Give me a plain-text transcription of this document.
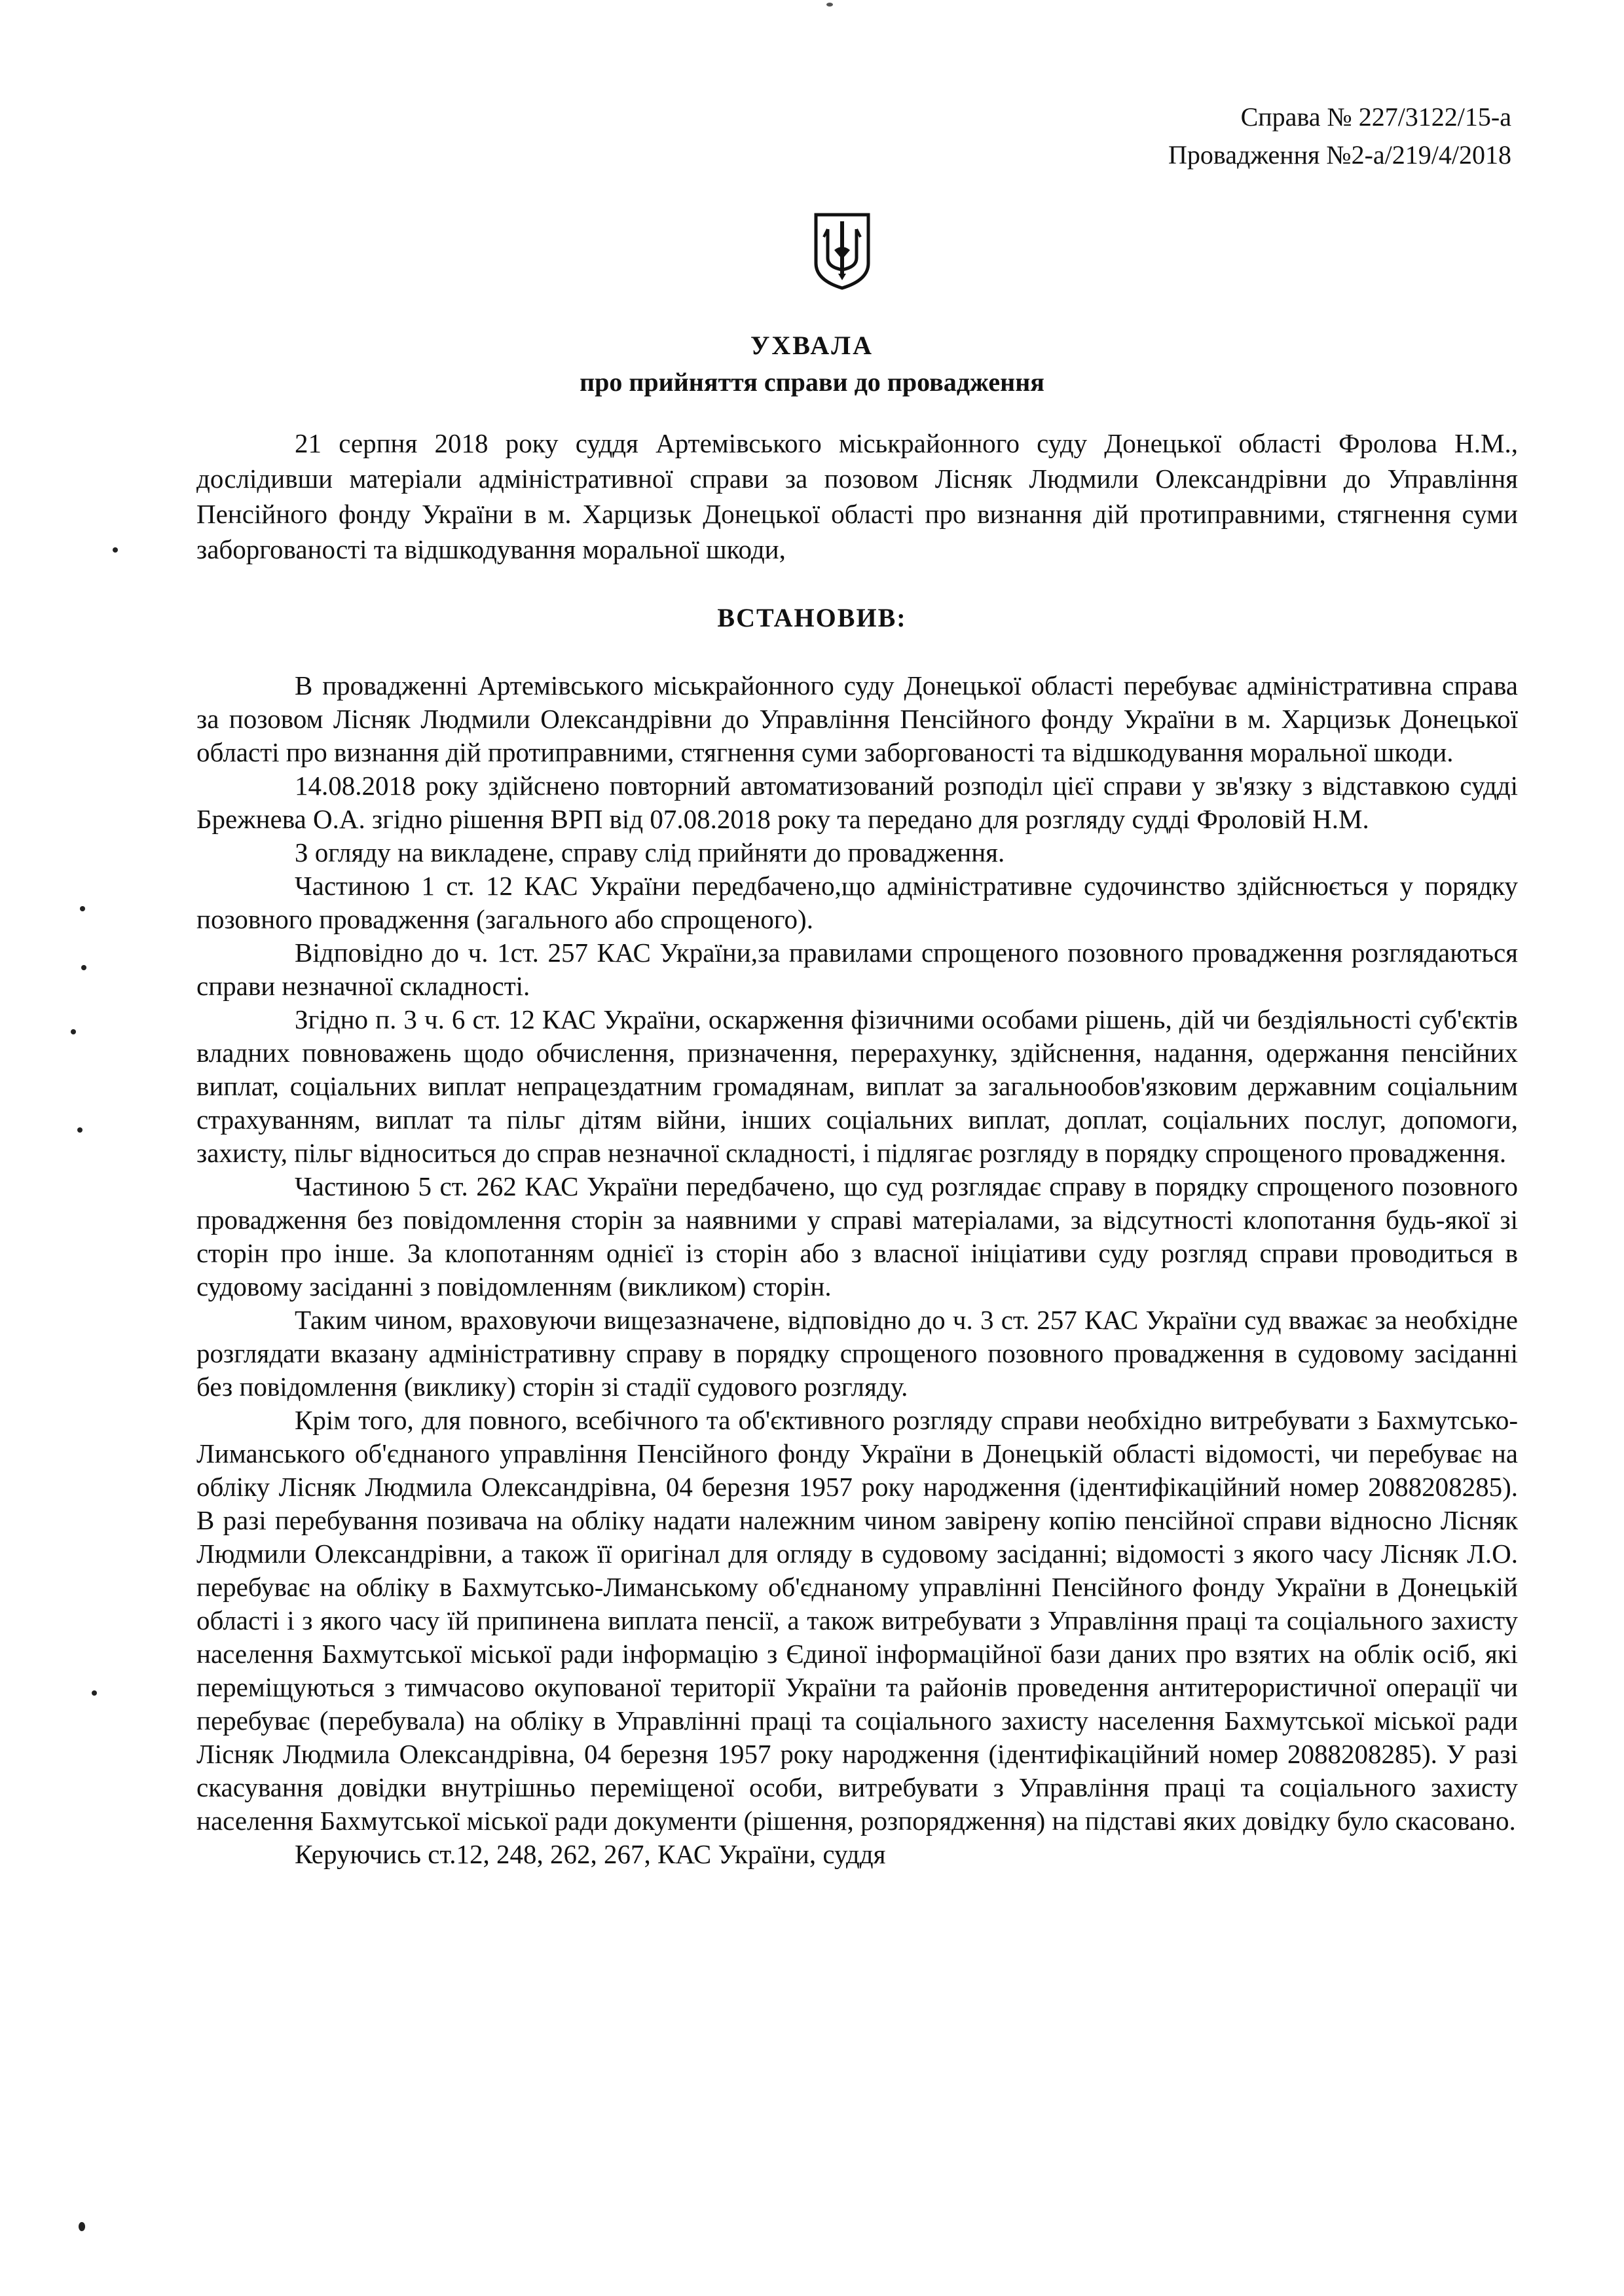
Справа № 227/3122/15-а
Провадження №2-а/219/4/2018
УХВАЛА
про прийняття справи до провадження

21 серпня 2018 року суддя Артемівського міськрайонного суду Донецької області Фролова Н.М., дослідивши матеріали адміністративної справи за позовом Лісняк Людмили Олександрівни до Управління Пенсійного фонду України в м. Харцизьк Донецької області про визнання дій протиправними, стягнення суми заборгованості та відшкодування моральної шкоди,

ВСТАНОВИВ:

В провадженні Артемівського міськрайонного суду Донецької області перебуває адміністративна справа за позовом Лісняк Людмили Олександрівни до Управління Пенсійного фонду України в м. Харцизьк Донецької області про визнання дій протиправними, стягнення суми заборгованості та відшкодування моральної шкоди.

14.08.2018 року здійснено повторний автоматизований розподіл цієї справи у зв'язку з відставкою судді Брежнева О.А. згідно рішення ВРП від 07.08.2018 року та передано для розгляду судді Фроловій Н.М.

З огляду на викладене, справу слід прийняти до провадження.

Частиною 1 ст. 12 КАС України передбачено,що адміністративне судочинство здійснюється у порядку позовного провадження (загального або спрощеного).

Відповідно до ч. 1ст. 257 КАС України,за правилами спрощеного позовного провадження розглядаються справи незначної складності.

Згідно п. 3 ч. 6 ст. 12 КАС України, оскарження фізичними особами рішень, дій чи бездіяльності суб'єктів владних повноважень щодо обчислення, призначення, перерахунку, здійснення, надання, одержання пенсійних виплат, соціальних виплат непрацездатним громадянам, виплат за загальнообов'язковим державним соціальним страхуванням, виплат та пільг дітям війни, інших соціальних виплат, доплат, соціальних послуг, допомоги, захисту, пільг відноситься до справ незначної складності, і підлягає розгляду в порядку спрощеного провадження.

Частиною 5 ст. 262 КАС України передбачено, що суд розглядає справу в порядку спрощеного позовного провадження без повідомлення сторін за наявними у справі матеріалами, за відсутності клопотання будь-якої зі сторін про інше. За клопотанням однієї із сторін або з власної ініціативи суду розгляд справи проводиться в судовому засіданні з повідомленням (викликом) сторін.

Таким чином, враховуючи вищезазначене, відповідно до ч. 3 ст. 257 КАС України суд вважає за необхідне розглядати вказану адміністративну справу в порядку спрощеного позовного провадження в судовому засіданні без повідомлення (виклику) сторін зі стадії судового розгляду.

Крім того, для повного, всебічного та об'єктивного розгляду справи необхідно витребувати з Бахмутсько-Лиманського об'єднаного управління Пенсійного фонду України в Донецькій області відомості, чи перебуває на обліку Лісняк Людмила Олександрівна, 04 березня 1957 року народження (ідентифікаційний номер 2088208285). В разі перебування позивача на обліку надати належним чином завірену копію пенсійної справи відносно Лісняк Людмили Олександрівни, а також її оригінал для огляду в судовому засіданні; відомості з якого часу Лісняк Л.О. перебуває на обліку в Бахмутсько-Лиманському об'єднаному управлінні Пенсійного фонду України в Донецькій області і з якого часу їй припинена виплата пенсії, а також витребувати з Управління праці та соціального захисту населення Бахмутської міської ради інформацію з Єдиної інформаційної бази даних про взятих на облік осіб, які переміщуються з тимчасово окупованої території України та районів проведення антитерористичної операції чи перебуває (перебувала) на обліку в Управлінні праці та соціального захисту населення Бахмутської міської ради Лісняк Людмила Олександрівна, 04 березня 1957 року народження (ідентифікаційний номер 2088208285). У разі скасування довідки внутрішньо переміщеної особи, витребувати з Управління праці та соціального захисту населення Бахмутської міської ради документи (рішення, розпорядження) на підставі яких довідку було скасовано.

Керуючись ст.12, 248, 262, 267, КАС України, суддя
